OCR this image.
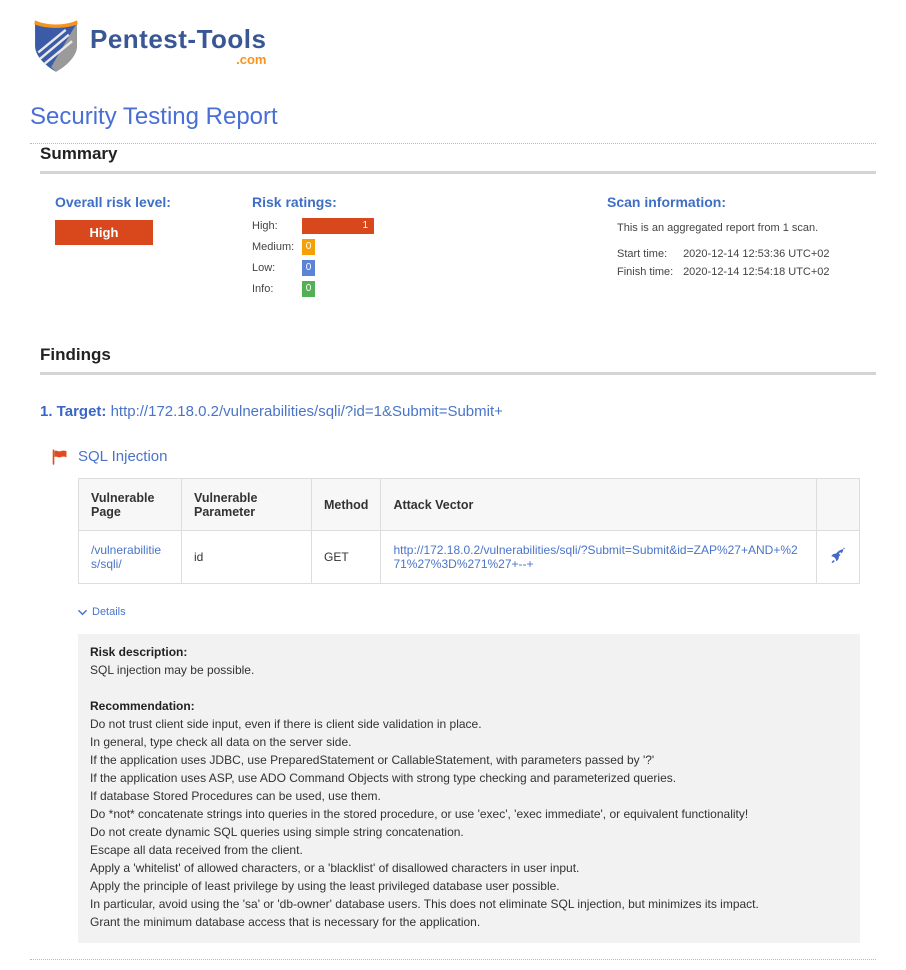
Pentest-Tools
.com
Security Testing Report
Summary
Overall risk level:
High
Risk ratings:
High:	1
Medium:	0
Low:	0
Info:	0
Scan information:
This is an aggregated report from 1 scan.
Start time: 2020-12-14 12:53:36 UTC+02
Finish time: 2020-12-14 12:54:18 UTC+02
Findings
1. Target: http://172.18.0.2/vulnerabilities/sqli/?id=1&Submit=Submit+
SQL Injection
Vulnerable Page	Vulnerable Parameter	Method	Attack Vector	
/vulnerabilities/sqli/	id	GET	http://172.18.0.2/vulnerabilities/sqli/?Submit=Submit&id=ZAP%27+AND+%271%27%3D%271%27+--+	
Details
Risk description:
SQL injection may be possible.
Recommendation:
Do not trust client side input, even if there is client side validation in place.
In general, type check all data on the server side.
If the application uses JDBC, use PreparedStatement or CallableStatement, with parameters passed by '?'
If the application uses ASP, use ADO Command Objects with strong type checking and parameterized queries.
If database Stored Procedures can be used, use them.
Do *not* concatenate strings into queries in the stored procedure, or use 'exec', 'exec immediate', or equivalent functionality!
Do not create dynamic SQL queries using simple string concatenation.
Escape all data received from the client.
Apply a 'whitelist' of allowed characters, or a 'blacklist' of disallowed characters in user input.
Apply the principle of least privilege by using the least privileged database user possible.
In particular, avoid using the 'sa' or 'db-owner' database users. This does not eliminate SQL injection, but minimizes its impact.
Grant the minimum database access that is necessary for the application.
